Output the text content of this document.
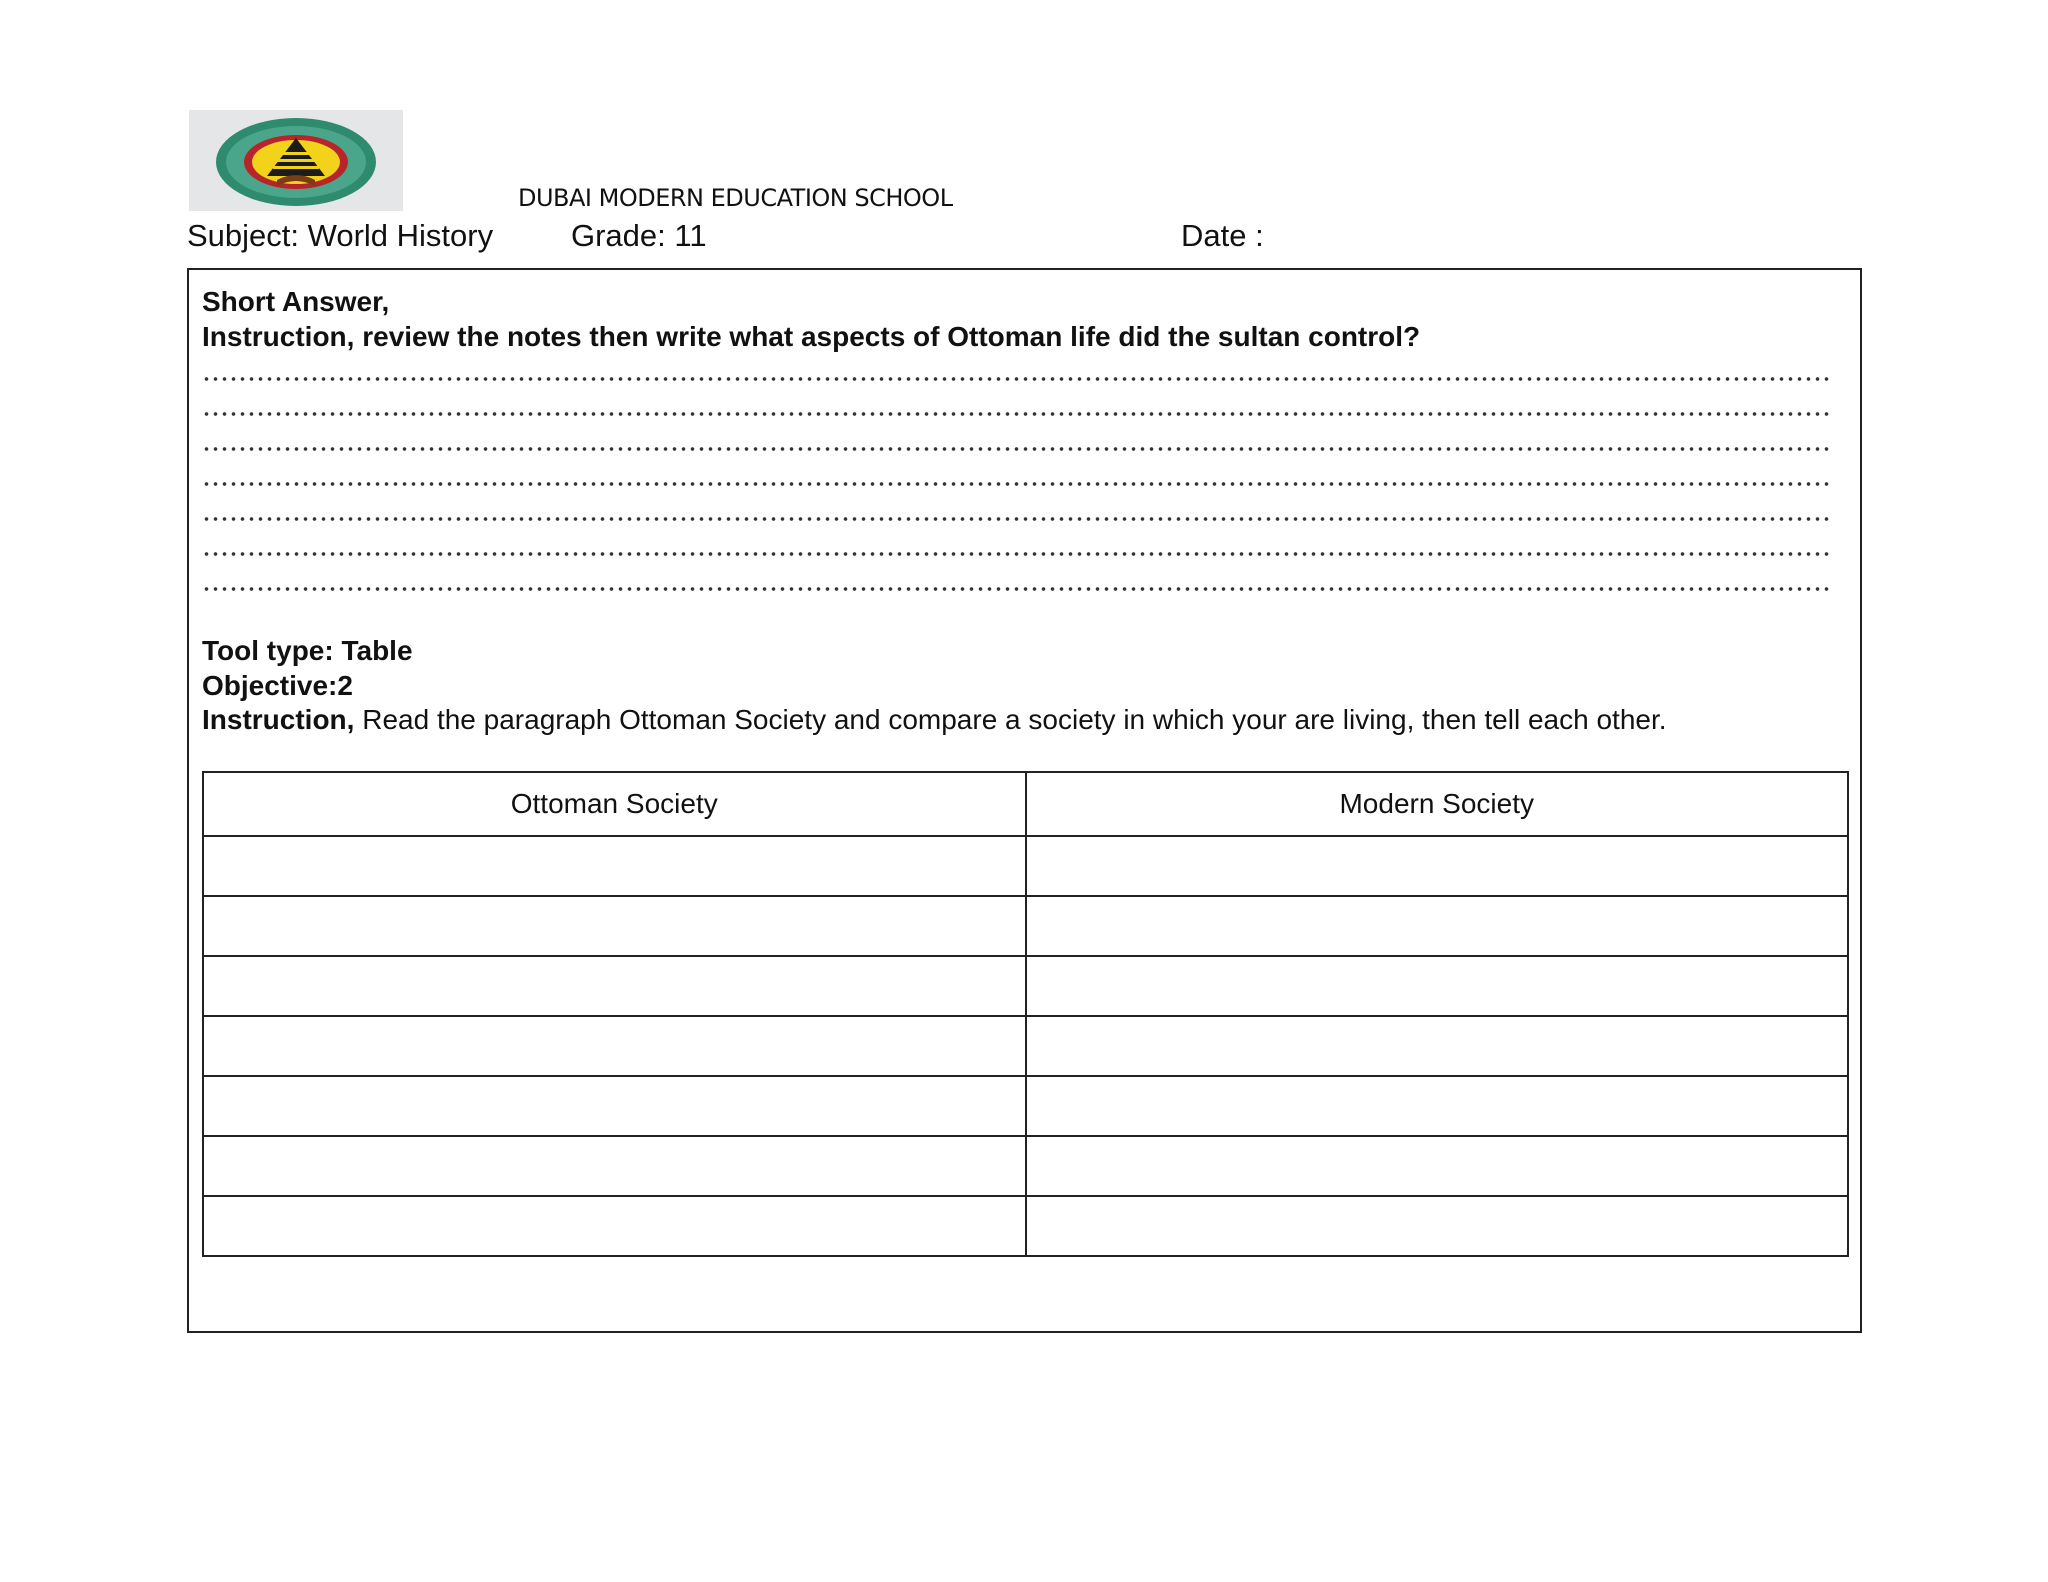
DUBAI MODERN EDUCATION SCHOOL
Subject: World History	Grade: 11	Date :
Short Answer,
Instruction, review the notes then write what aspects of Ottoman life did the sultan control?
Tool type: Table
Objective:2
Instruction, Read the paragraph Ottoman Society and compare a society in which your are living, then tell each other.
Ottoman Society	Modern Society
